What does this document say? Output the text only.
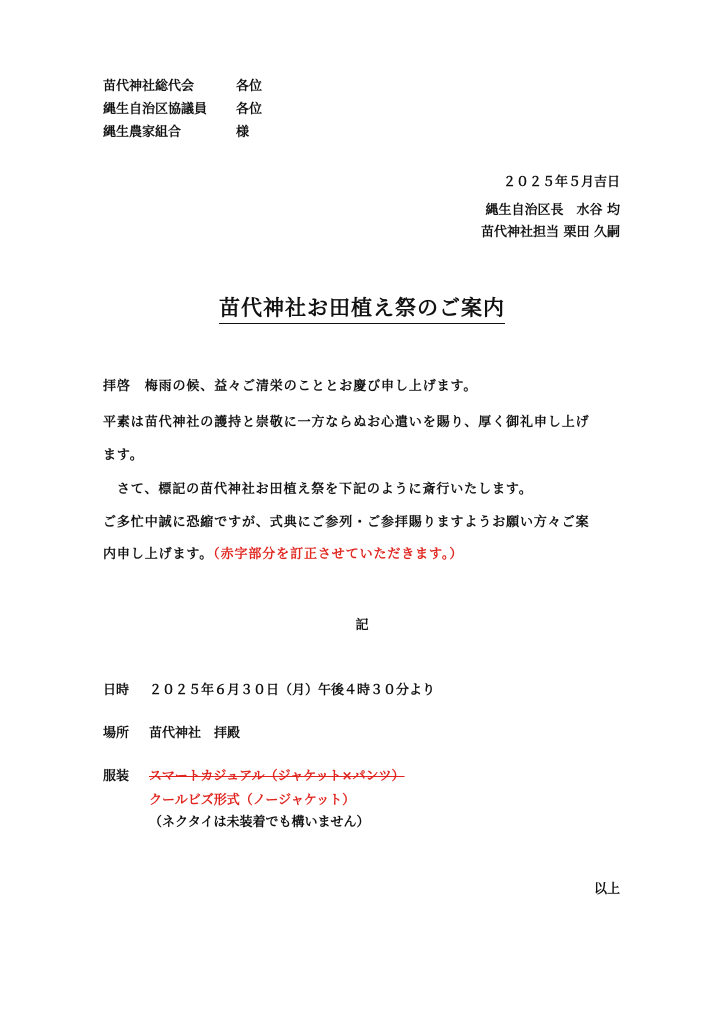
苗代神社総代会	各位
縄生自治区協議員 各位
縄生農家組合	様
２０２５年５月吉日
縄生自治区長　水谷 均
苗代神社担当 栗田 久嗣
苗代神社お田植え祭のご案内
拝啓　梅雨の候、益々ご清栄のこととお慶び申し上げます。
平素は苗代神社の護持と崇敬に一方ならぬお心遣いを賜り、厚く御礼申し上げ
ます。
　さて、標記の苗代神社お田植え祭を下記のように斎行いたします。
ご多忙中誠に恐縮ですが、式典にご参列・ご参拝賜りますようお願い方々ご案
内申し上げます。（赤字部分を訂正させていただきます。）
記
日時 ２０２５年６月３０日（月）午後４時３０分より
場所 苗代神社　拝殿
服装 スマートカジュアル（ジャケット×パンツ）
クールビズ形式（ノージャケット）
（ネクタイは未装着でも構いません）
以上
